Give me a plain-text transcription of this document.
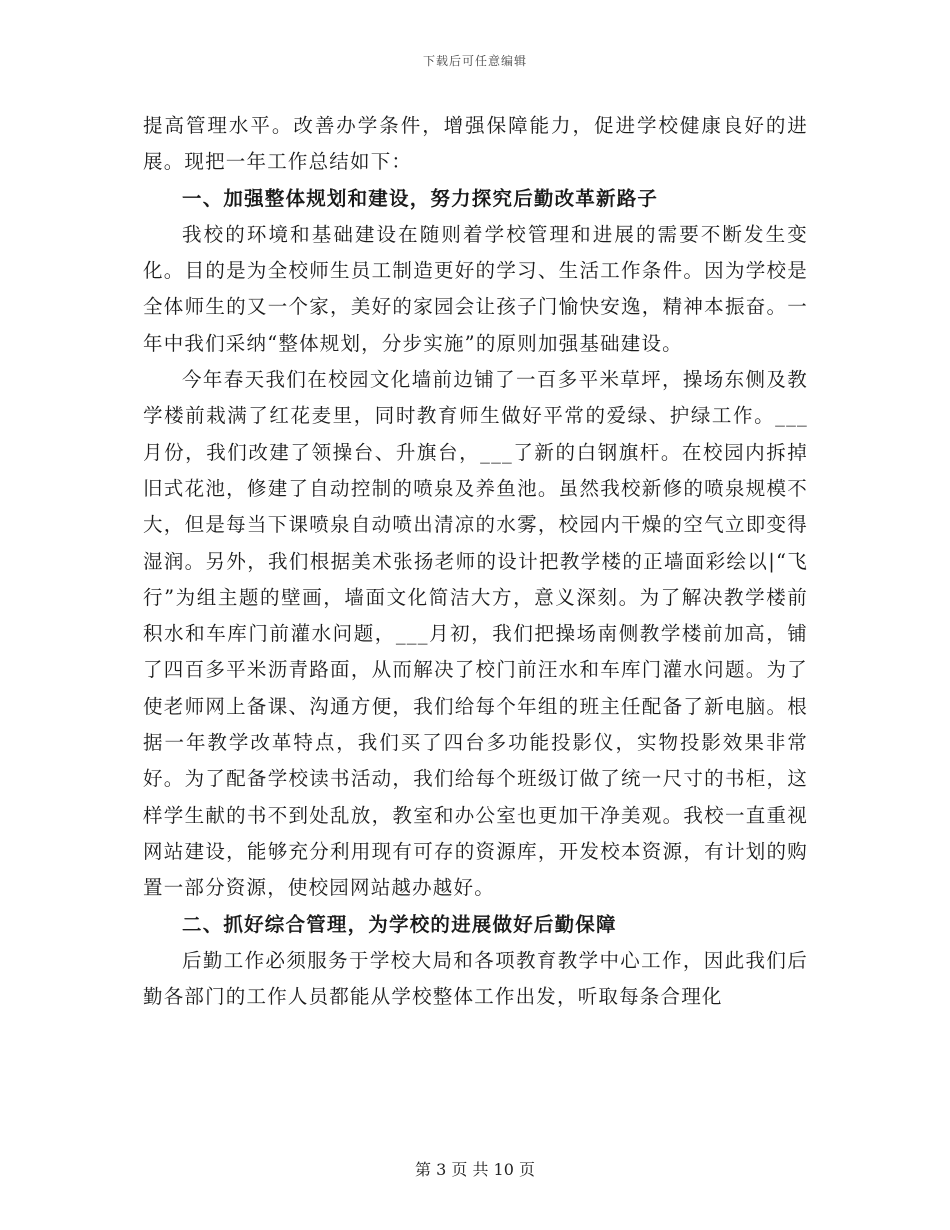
下载后可任意编辑

提高管理水平。改善办学条件，增强保障能力，促进学校健康良好的进展。现把一年工作总结如下：

一、加强整体规划和建设，努力探究后勤改革新路子

我校的环境和基础建设在随则着学校管理和进展的需要不断发生变化。目的是为全校师生员工制造更好的学习、生活工作条件。因为学校是全体师生的又一个家，美好的家园会让孩子门愉快安逸，精神本振奋。一年中我们采纳“整体规划，分步实施”的原则加强基础建设。

今年春天我们在校园文化墙前边铺了一百多平米草坪，操场东侧及教学楼前栽满了红花麦里，同时教育师生做好平常的爱绿、护绿工作。___月份，我们改建了领操台、升旗台，___了新的白钢旗杆。在校园内拆掉旧式花池，修建了自动控制的喷泉及养鱼池。虽然我校新修的喷泉规模不大，但是每当下课喷泉自动喷出清凉的水雾，校园内干燥的空气立即变得湿润。另外，我们根据美术张扬老师的设计把教学楼的正墙面彩绘以|“飞行”为组主题的壁画，墙面文化简洁大方，意义深刻。为了解决教学楼前积水和车库门前灌水问题，___月初，我们把操场南侧教学楼前加高，铺了四百多平米沥青路面，从而解决了校门前汪水和车库门灌水问题。为了使老师网上备课、沟通方便，我们给每个年组的班主任配备了新电脑。根据一年教学改革特点，我们买了四台多功能投影仪，实物投影效果非常好。为了配备学校读书活动，我们给每个班级订做了统一尺寸的书柜，这样学生献的书不到处乱放，教室和办公室也更加干净美观。我校一直重视网站建设，能够充分利用现有可存的资源库，开发校本资源，有计划的购置一部分资源，使校园网站越办越好。

二、抓好综合管理，为学校的进展做好后勤保障

后勤工作必须服务于学校大局和各项教育教学中心工作，因此我们后勤各部门的工作人员都能从学校整体工作出发，听取每条合理化

第 3 页 共 10 页
